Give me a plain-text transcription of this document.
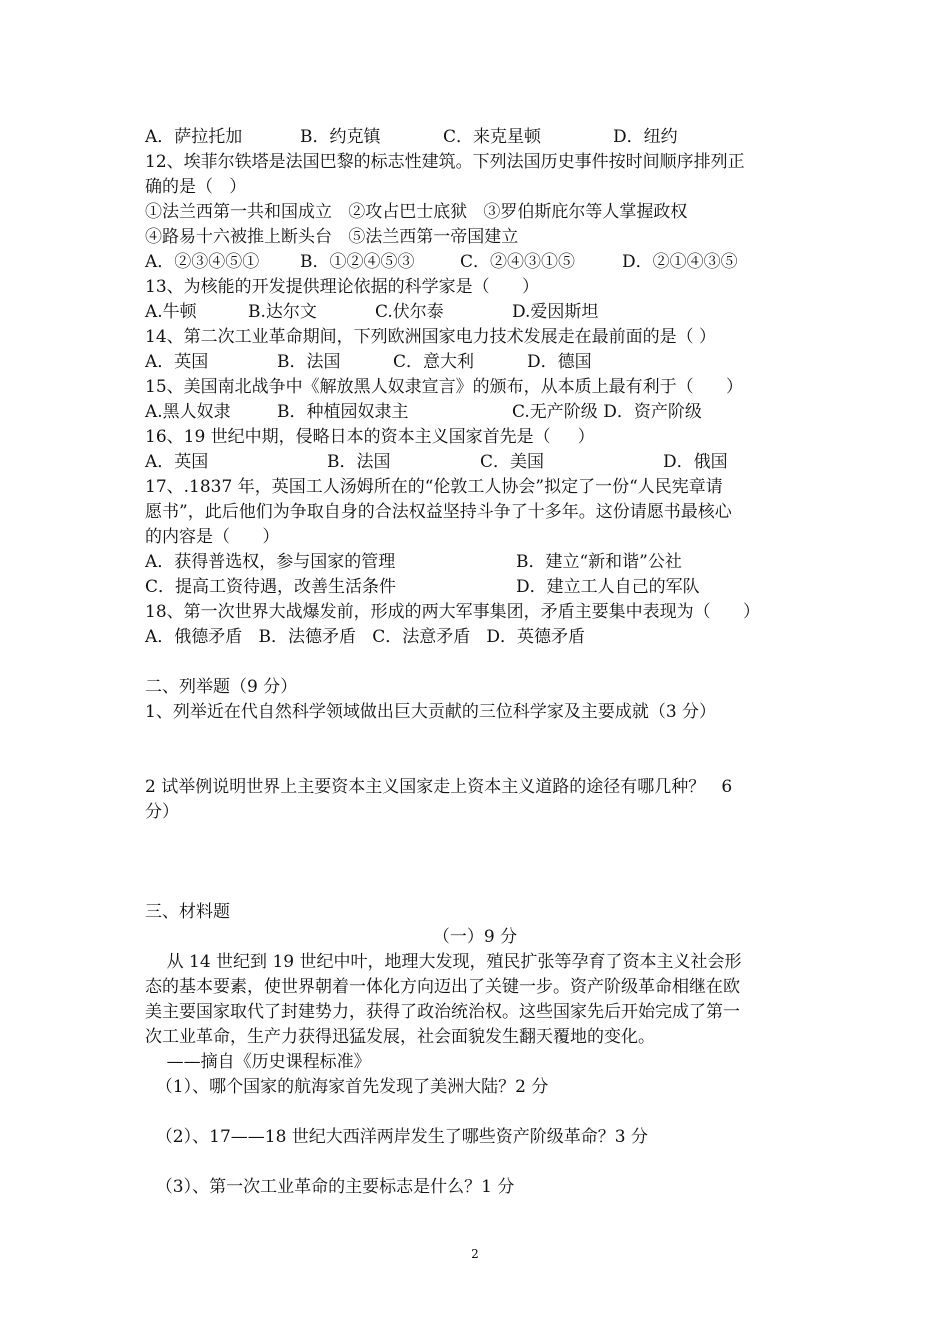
A．萨拉托加	B．约克镇	C．来克星顿	D．纽约
12、埃菲尔铁塔是法国巴黎的标志性建筑。下列法国历史事件按时间顺序排列正
确的是（   ）
①法兰西第一共和国成立   ②攻占巴士底狱   ③罗伯斯庇尔等人掌握政权
④路易十六被推上断头台   ⑤法兰西第一帝国建立
A．②③④⑤① B．①②④⑤③	C．②④③①⑤	D．②①④③⑤
13、为核能的开发提供理论依据的科学家是（      ）
A.牛顿	B.达尔文	C.伏尔泰	D.爱因斯坦
14、第二次工业革命期间，下列欧洲国家电力技术发展走在最前面的是（ ）
A．英国	B．法国	C．意大利	D．德国
15、美国南北战争中《解放黑人奴隶宣言》的颁布，从本质上最有利于（      ）
A.黑人奴隶	B．种植园奴隶主	C.无产阶级 D．资产阶级
16、19 世纪中期，侵略日本的资本主义国家首先是（     ）
A．英国	B．法国	C．美国	D．俄国
17、.1837 年，英国工人汤姆所在的“伦敦工人协会”拟定了一份“人民宪章请
愿书”，此后他们为争取自身的合法权益坚持斗争了十多年。这份请愿书最核心
的内容是（      ）
A．获得普选权，参与国家的管理	B．建立“新和谐”公社
C．提高工资待遇，改善生活条件	D．建立工人自己的军队
18、第一次世界大战爆发前，形成的两大军事集团，矛盾主要集中表现为（      ）
A．俄德矛盾   B．法德矛盾   C．法意矛盾   D．英德矛盾
二、列举题（9 分）
1、列举近在代自然科学领域做出巨大贡献的三位科学家及主要成就（3 分）
2 试举例说明世界上主要资本主义国家走上资本主义道路的途径有哪几种？   6
分）
三、材料题
（一）9 分
从 14 世纪到 19 世纪中叶，地理大发现，殖民扩张等孕育了资本主义社会形
态的基本要素，使世界朝着一体化方向迈出了关键一步。资产阶级革命相继在欧
美主要国家取代了封建势力，获得了政治统治权。这些国家先后开始完成了第一
次工业革命，生产力获得迅猛发展，社会面貌发生翻天覆地的变化。
——摘自《历史课程标准》
（1）、哪个国家的航海家首先发现了美洲大陆？2 分
（2）、17——18 世纪大西洋两岸发生了哪些资产阶级革命？3 分
（3）、第一次工业革命的主要标志是什么？1 分
2
